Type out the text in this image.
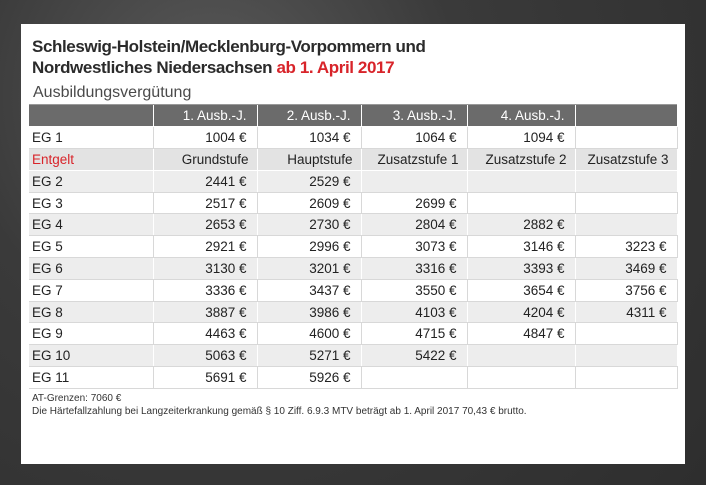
Schleswig-Holstein/Mecklenburg-Vorpommern und
Nordwestliches Niedersachsen ab 1. April 2017
Ausbildungsvergütung
	1. Ausb.-J.	2. Ausb.-J.	3. Ausb.-J.	4. Ausb.-J.	
EG 1	1004 €	1034 €	1064 €	1094 €	
Entgelt	Grundstufe	Hauptstufe	Zusatzstufe 1	Zusatzstufe 2	Zusatzstufe 3
EG 2	2441 €	2529 €			
EG 3	2517 €	2609 €	2699 €		
EG 4	2653 €	2730 €	2804 €	2882 €	
EG 5	2921 €	2996 €	3073 €	3146 €	3223 €
EG 6	3130 €	3201 €	3316 €	3393 €	3469 €
EG 7	3336 €	3437 €	3550 €	3654 €	3756 €
EG 8	3887 €	3986 €	4103 €	4204 €	4311 €
EG 9	4463 €	4600 €	4715 €	4847 €	
EG 10	5063 €	5271 €	5422 €		
EG 11	5691 €	5926 €			
AT-Grenzen: 7060 €
Die Härtefallzahlung bei Langzeiterkrankung gemäß § 10 Ziff. 6.9.3 MTV beträgt ab 1. April 2017 70,43 € brutto.
